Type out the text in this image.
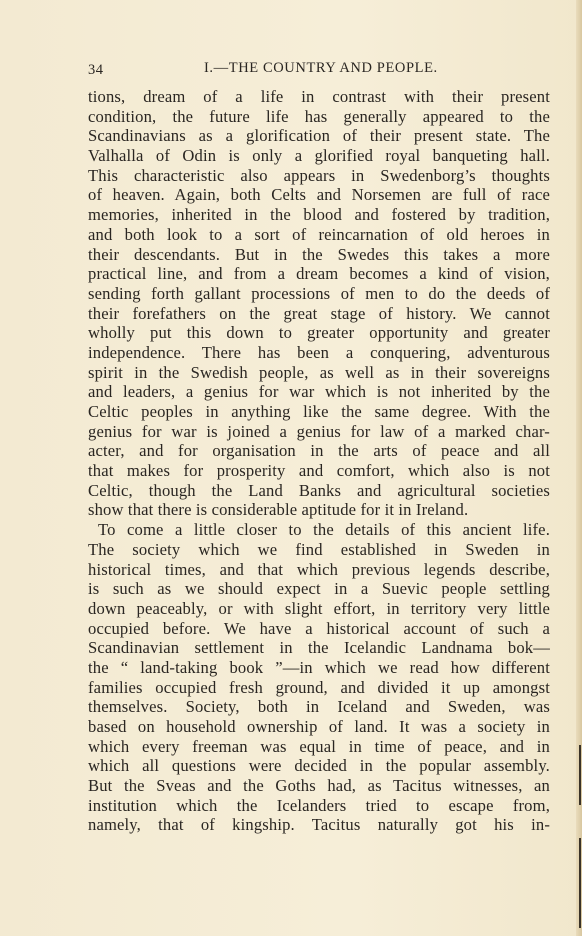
34	I.—THE COUNTRY AND PEOPLE.
tions, dream of a life in contrast with their present
condition, the future life has generally appeared to the
Scandinavians as a glorification of their present state. The
Valhalla of Odin is only a glorified royal banqueting hall.
This characteristic also appears in Swedenborg’s thoughts
of heaven. Again, both Celts and Norsemen are full of race
memories, inherited in the blood and fostered by tradition,
and both look to a sort of reincarnation of old heroes in
their descendants. But in the Swedes this takes a more
practical line, and from a dream becomes a kind of vision,
sending forth gallant processions of men to do the deeds of
their forefathers on the great stage of history. We cannot
wholly put this down to greater opportunity and greater
independence. There has been a conquering, adventurous
spirit in the Swedish people, as well as in their sovereigns
and leaders, a genius for war which is not inherited by the
Celtic peoples in anything like the same degree. With the
genius for war is joined a genius for law of a marked char-
acter, and for organisation in the arts of peace and all
that makes for prosperity and comfort, which also is not
Celtic, though the Land Banks and agricultural societies
show that there is considerable aptitude for it in Ireland.
To come a little closer to the details of this ancient life.
The society which we find established in Sweden in
historical times, and that which previous legends describe,
is such as we should expect in a Suevic people settling
down peaceably, or with slight effort, in territory very little
occupied before. We have a historical account of such a
Scandinavian settlement in the Icelandic Landnama bok—
the “ land-taking book ”—in which we read how different
families occupied fresh ground, and divided it up amongst
themselves. Society, both in Iceland and Sweden, was
based on household ownership of land. It was a society in
which every freeman was equal in time of peace, and in
which all questions were decided in the popular assembly.
But the Sveas and the Goths had, as Tacitus witnesses, an
institution which the Icelanders tried to escape from,
namely, that of kingship. Tacitus naturally got his in-
